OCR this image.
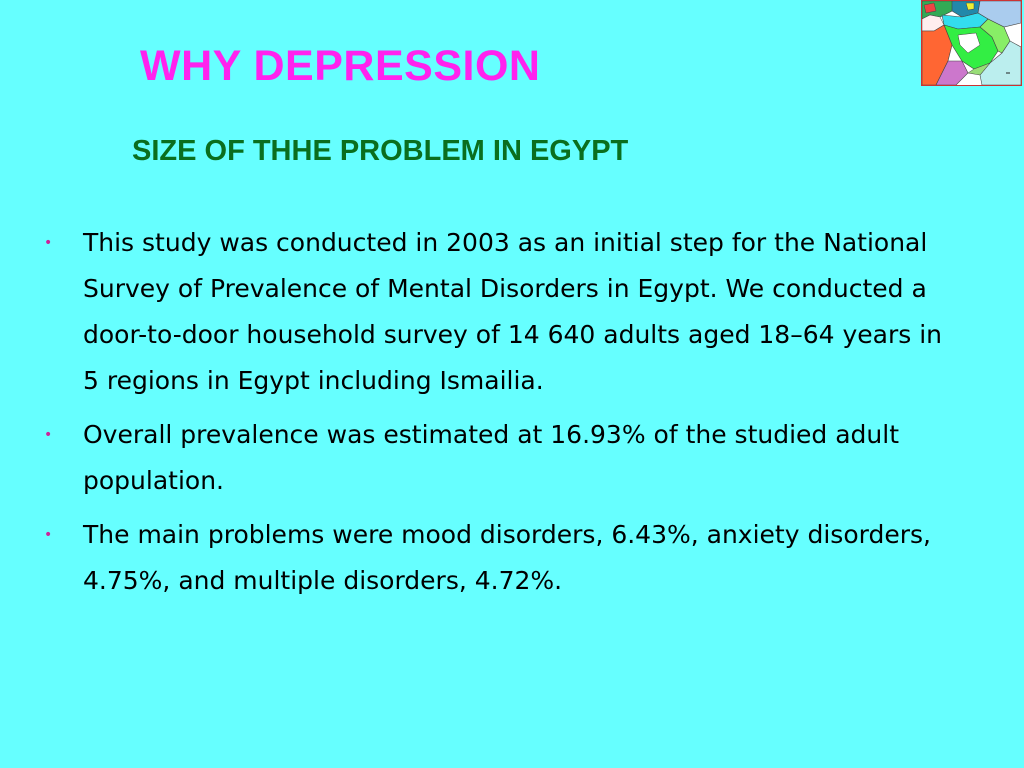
WHY DEPRESSION
SIZE OF THHE PROBLEM IN EGYPT
• This study was conducted in 2003 as an initial step for the National Survey of Prevalence of Mental Disorders in Egypt. We conducted a door-to-door household survey of 14 640 adults aged 18–64 years in 5 regions in Egypt including Ismailia.
• Overall prevalence was estimated at 16.93% of the studied adult population.
• The main problems were mood disorders, 6.43%, anxiety disorders, 4.75%, and multiple disorders, 4.72%.
